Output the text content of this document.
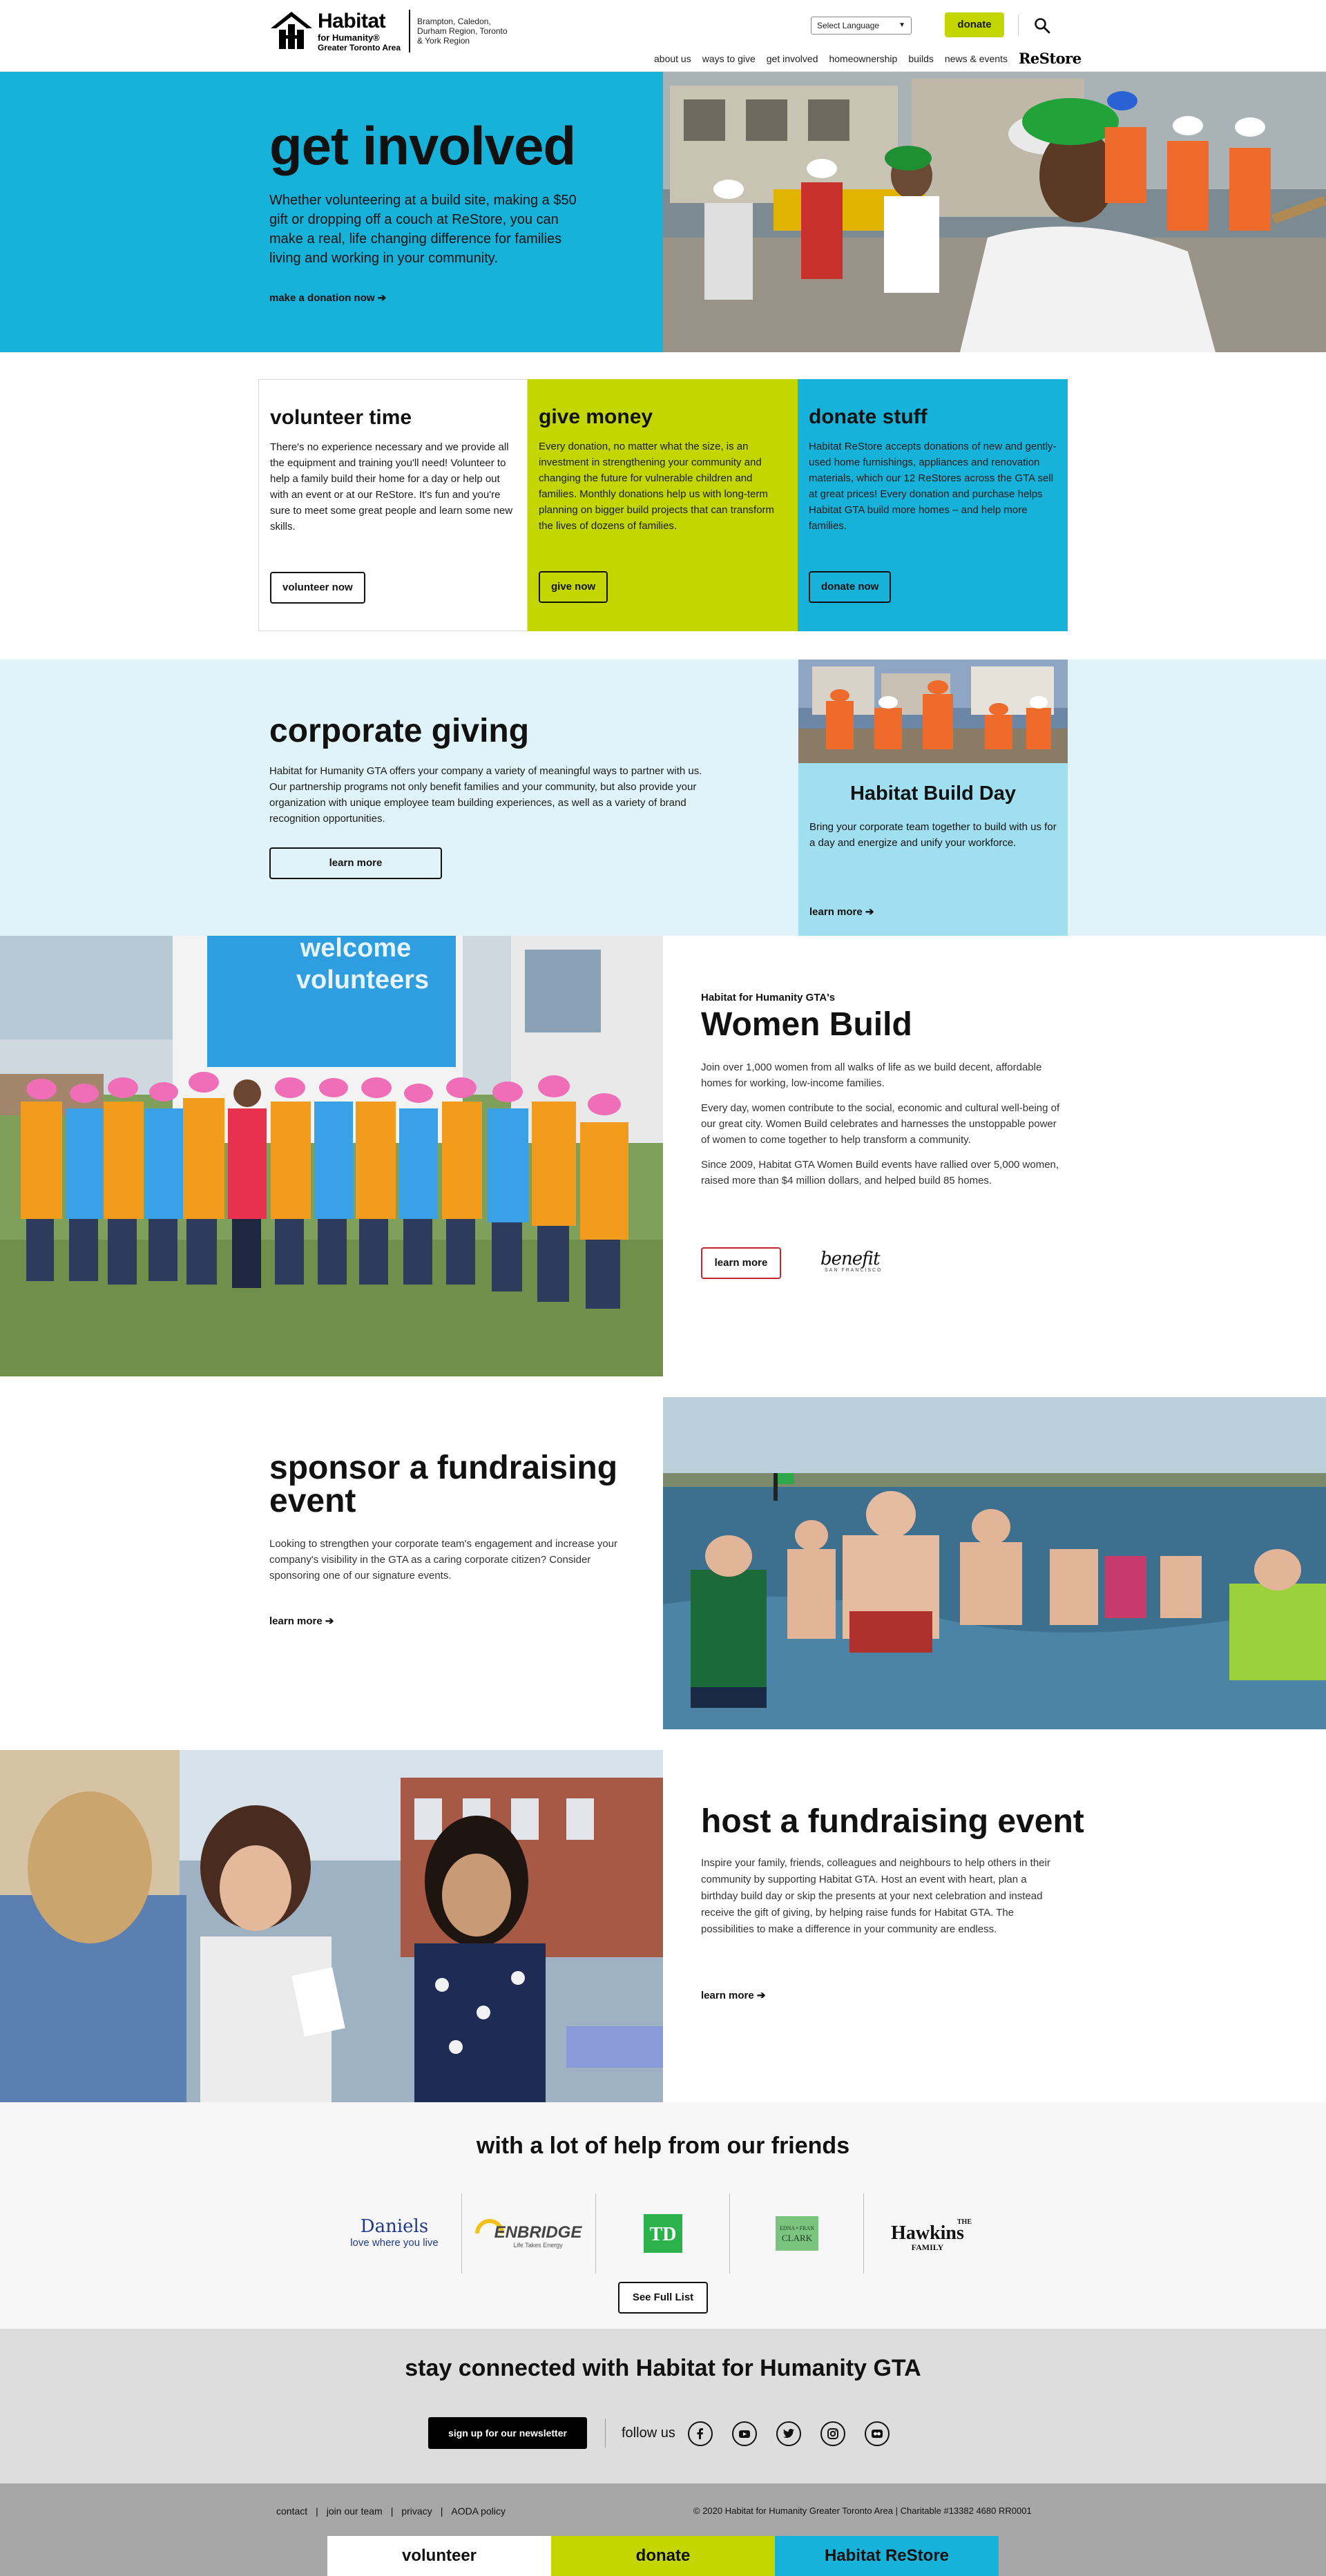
Habitat
for Humanity®
Greater Toronto Area
Brampton, Caledon,
Durham Region, Toronto
& York Region
Select Language	▼	donate
about us ways to give get involved homeownership builds news & events ReStore
get involved

Whether volunteering at a build site, making a $50 gift or dropping off a couch at ReStore, you can make a real, life changing difference for families living and working in your community.

make a donation now ➔
volunteer time

There's no experience necessary and we provide all the equipment and training you'll need! Volunteer to help a family build their home for a day or help out with an event or at our ReStore. It's fun and you're sure to meet some great people and learn some new skills.

volunteer now
give money

Every donation, no matter what the size, is an investment in strengthening your community and changing the future for vulnerable children and families. Monthly donations help us with long-term planning on bigger build projects that can transform the lives of dozens of families.

give now
donate stuff

Habitat ReStore accepts donations of new and gently-used home furnishings, appliances and renovation materials, which our 12 ReStores across the GTA sell at great prices! Every donation and purchase helps Habitat GTA build more homes – and help more families.

donate now
corporate giving

Habitat for Humanity GTA offers your company a variety of meaningful ways to partner with us. Our partnership programs not only benefit families and your community, but also provide your organization with unique employee team building experiences, as well as a variety of brand recognition opportunities.

learn more
Habitat Build Day

Bring your corporate team together to build with us for a day and energize and unify your workforce.

learn more ➔
welcome
volunteers
Habitat for Humanity GTA's
Women Build

Join over 1,000 women from all walks of life as we build decent, affordable homes for working, low-income families.

Every day, women contribute to the social, economic and cultural well-being of our great city. Women Build celebrates and harnesses the unstoppable power of women to come together to help transform a community.

Since 2009, Habitat GTA Women Build events have rallied over 5,000 women, raised more than $4 million dollars, and helped build 85 homes.

learn more	benefit
SAN FRANCISCO
sponsor a fundraising event

Looking to strengthen your corporate team's engagement and increase your company's visibility in the GTA as a caring corporate citizen? Consider sponsoring one of our signature events.

learn more ➔
host a fundraising event

Inspire your family, friends, colleagues and neighbours to help others in their community by supporting Habitat GTA. Host an event with heart, plan a birthday build day or skip the presents at your next celebration and instead receive the gift of giving, by helping raise funds for Habitat GTA. The possibilities to make a difference in your community are endless.

learn more ➔
with a lot of help from our friends
Daniels
love where you live
ENBRIDGE
Life Takes Energy	TD	EDNA • FRAN
CLARK
THE
Hawkins
FAMILY
See Full List
stay connected with Habitat for Humanity GTA
sign up for our newsletter	follow us
contact | join our team | privacy | AODA policy	© 2020 Habitat for Humanity Greater Toronto Area | Charitable #13382 4680 RR0001
volunteer	donate	Habitat ReStore
